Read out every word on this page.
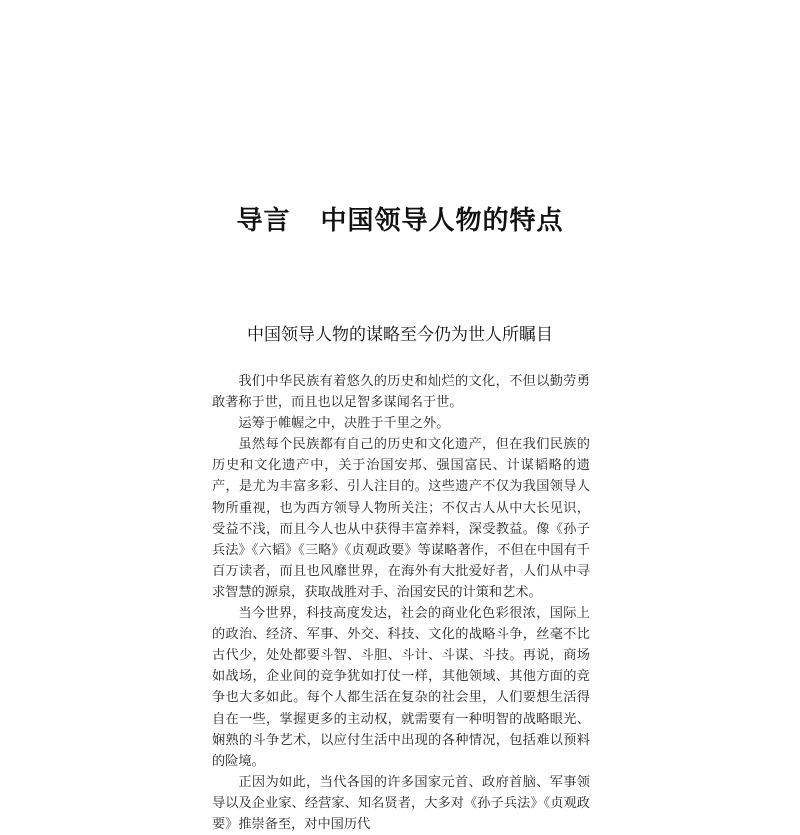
导言 中国领导人物的特点
中国领导人物的谋略至今仍为世人所瞩目

我们中华民族有着悠久的历史和灿烂的文化，不但以勤劳勇敢著称于世，而且也以足智多谋闻名于世。

运筹于帷幄之中，决胜于千里之外。

虽然每个民族都有自己的历史和文化遗产，但在我们民族的历史和文化遗产中，关于治国安邦、强国富民、计谋韬略的遗产，是尤为丰富多彩、引人注目的。这些遗产不仅为我国领导人物所重视，也为西方领导人物所关注；不仅古人从中大长见识，受益不浅，而且今人也从中获得丰富养料，深受教益。像《孙子兵法》《六韬》《三略》《贞观政要》等谋略著作，不但在中国有千百万读者，而且也风靡世界，在海外有大批爱好者，人们从中寻求智慧的源泉，获取战胜对手、治国安民的计策和艺术。

当今世界，科技高度发达，社会的商业化色彩很浓，国际上的政治、经济、军事、外交、科技、文化的战略斗争，丝毫不比古代少，处处都要斗智、斗胆、斗计、斗谋、斗技。再说，商场如战场，企业间的竞争犹如打仗一样，其他领域、其他方面的竞争也大多如此。每个人都生活在复杂的社会里，人们要想生活得自在一些，掌握更多的主动权，就需要有一种明智的战略眼光、娴熟的斗争艺术，以应付生活中出现的各种情况，包括难以预料的险境。

正因为如此，当代各国的许多国家元首、政府首脑、军事领导以及企业家、经营家、知名贤者，大多对《孙子兵法》《贞观政要》推崇备至，对中国历代
